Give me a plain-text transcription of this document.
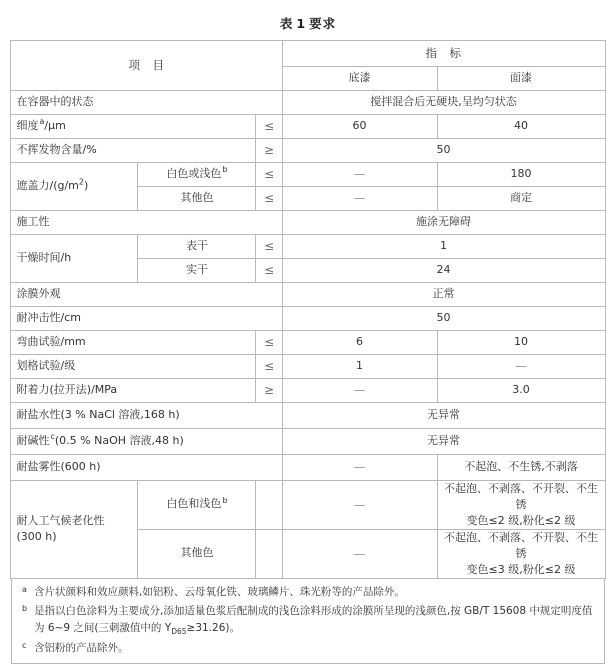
表 1 要求
项　目			指　标	
			底漆	面漆
在容器中的状态			搅拌混合后无硬块,呈均匀状态	
细度$^a$/μm		≤	60	40
不挥发物含量/%		≥	50	
遮盖力$/(g/m^2)$	白色或浅色$^b$	≤	—	180
	其他色	≤	—	商定
施工性			施涂无障碍	
干燥时间/h	表干	≤	1	
	实干	≤	24	
涂膜外观			正常	
耐冲击性/cm			50	
弯曲试验/mm		≤	6	10
划格试验/级		≤	1	—
附着力(拉开法)/MPa		≥	—	3.0
耐盐水性(3 % NaCl 溶液,168 h)			无异常	
耐碱性$^c$(0.5 % NaOH 溶液,48 h)			无异常	
耐盐雾性(600 h)			—	不起泡、不生锈,不剥落

耐人工气候老化性
(300 h)	白色和浅色$^b$		—	不起泡、不剥落、不开裂、不生锈
变色≤2 级,粉化≤2 级

	其他色		—	不起泡、不剥落、不开裂、不生锈
变色≤3 级,粉化≤2 级
a 含片状颜料和效应颜料,如铝粉、云母氧化铁、玻璃鳞片、珠光粉等的产品除外。
b 是指以白色涂料为主要成分,添加适量色浆后配制成的浅色涂料形成的涂膜所呈现的浅颜色,按 GB/T 15608 中规定明度值为 6~9 之间(三刺激值中的 $Y_{D65}\ge 31.26$)。
c 含铝粉的产品除外。
